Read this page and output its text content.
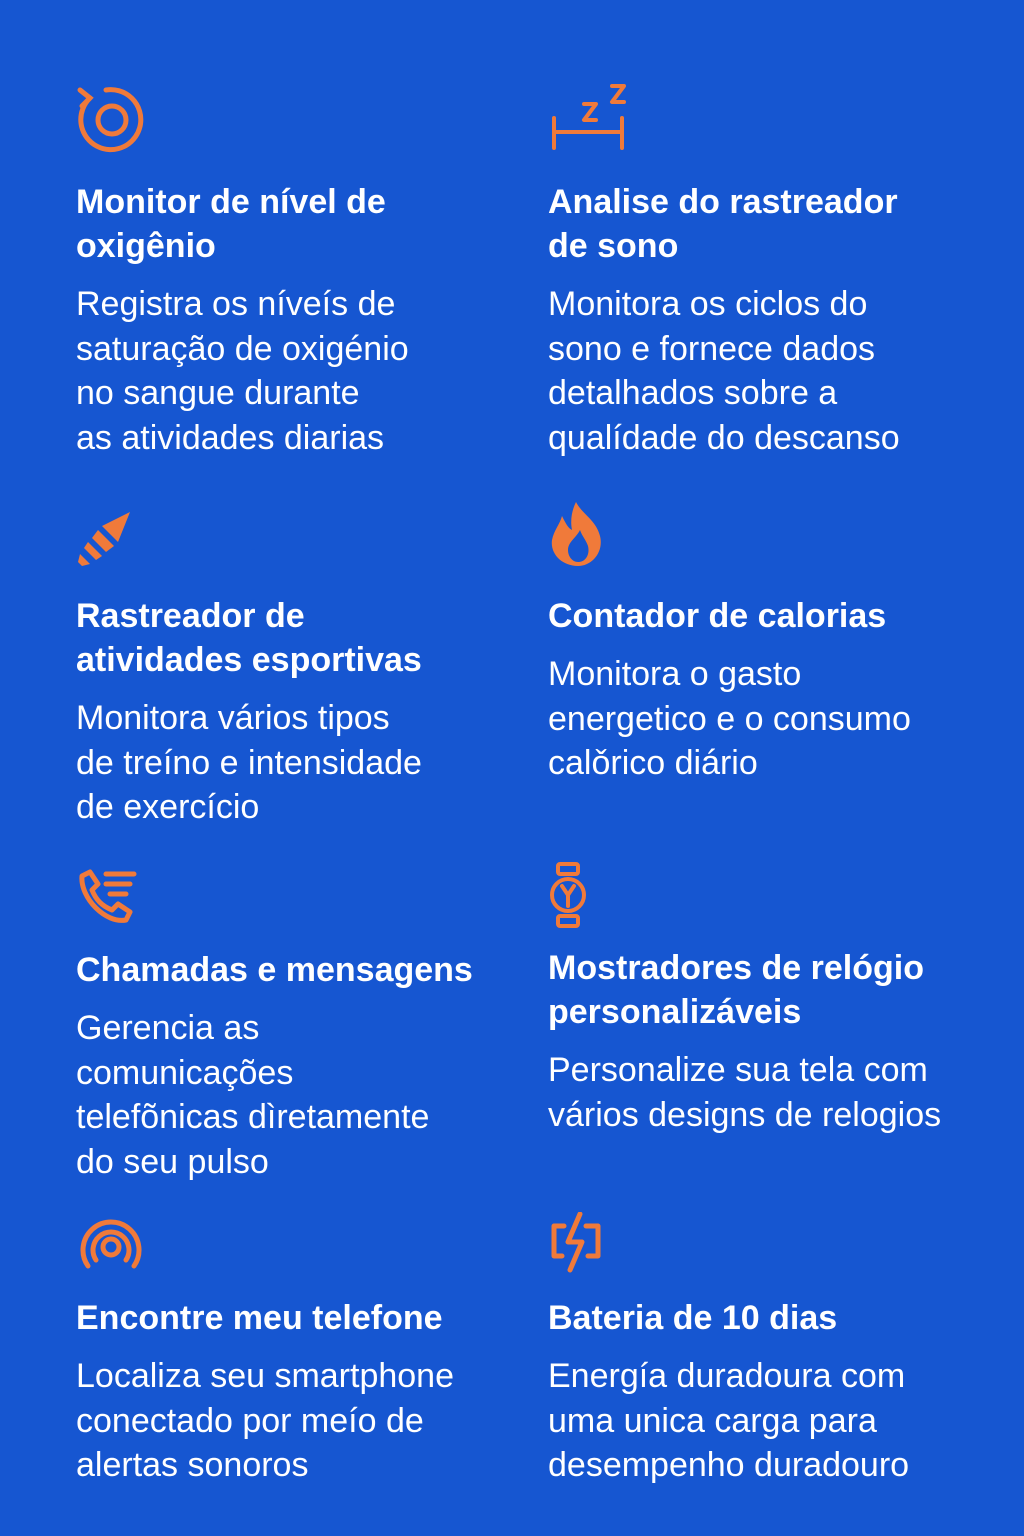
Monitor de nível de
oxigênio

Registra os níveís de
saturação de oxigénio
no sangue durante
as atividades diarias

Analise do rastreador
de sono

Monitora os ciclos do
sono e fornece dados
detalhados sobre a
qualídade do descanso

Rastreador de
atividades esportivas

Monitora vários tipos
de treíno e intensidade
de exercício

Contador de calorias

Monitora o gasto
energetico e o consumo
calǒrico diário

Chamadas e mensagens

Gerencia as
comunicações
telefõnicas dìretamente
do seu pulso

Mostradores de relógio
personalizáveis

Personalize sua tela com
vários designs de relogios

Encontre meu telefone

Localiza seu smartphone
conectado por meío de
alertas sonoros

Bateria de 10 dias

Energía duradoura com
uma unica carga para
desempenho duradouro
